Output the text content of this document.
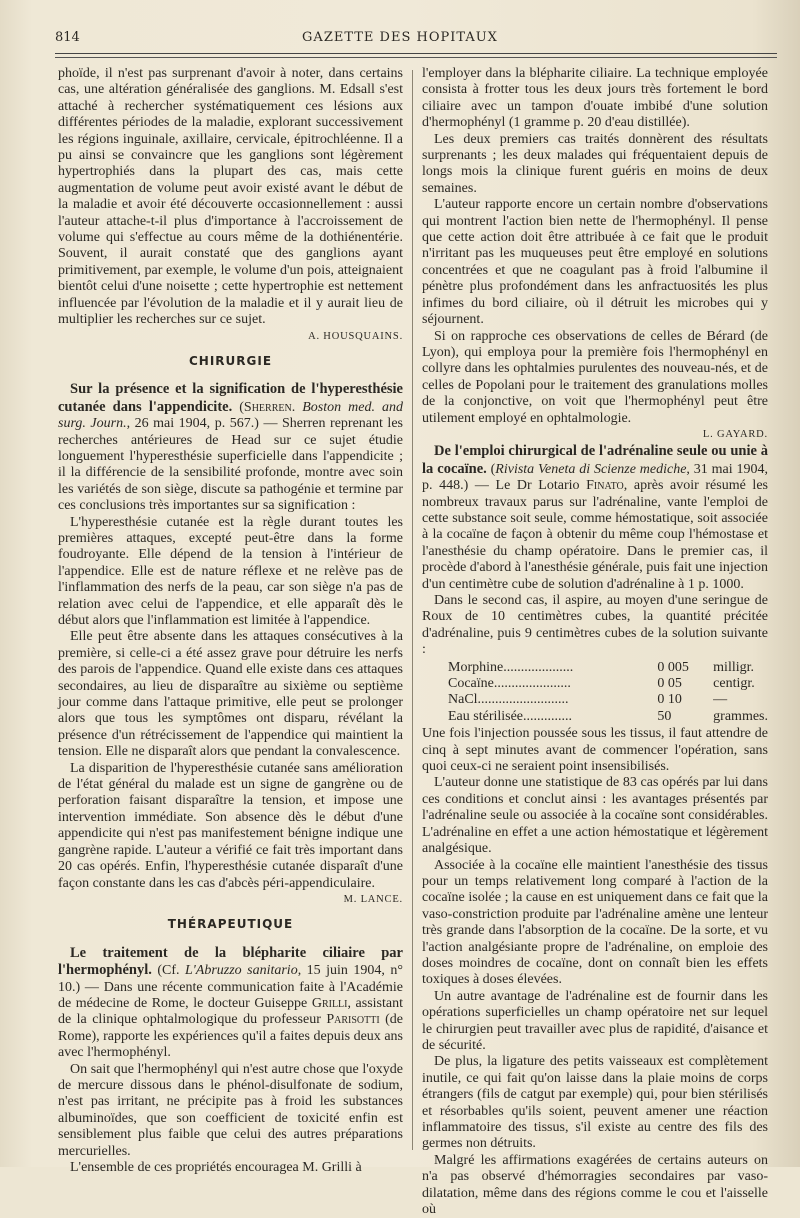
814	GAZETTE DES HOPITAUX

phoïde, il n'est pas surprenant d'avoir à noter, dans certains cas, une altération généralisée des ganglions. M. Edsall s'est attaché à rechercher systématiquement ces lésions aux différentes périodes de la maladie, explorant successivement les régions inguinale, axillaire, cervicale, épitrochléenne. Il a pu ainsi se convaincre que les ganglions sont légèrement hypertrophiés dans la plupart des cas, mais cette augmentation de volume peut avoir existé avant le début de la maladie et avoir été découverte occasionnellement : aussi l'auteur attache-t-il plus d'importance à l'accroissement de volume qui s'effectue au cours même de la dothiénentérie. Souvent, il aurait constaté que des ganglions ayant primitivement, par exemple, le volume d'un pois, atteignaient bientôt celui d'une noisette ; cette hypertrophie est nettement influencée par l'évolution de la maladie et il y aurait lieu de multiplier les recherches sur ce sujet.

A. HOUSQUAINS.

CHIRURGIE

Sur la présence et la signification de l'hyperesthésie cutanée dans l'appendicite. (Sherren. Boston med. and surg. Journ., 26 mai 1904, p. 567.) — Sherren reprenant les recherches antérieures de Head sur ce sujet étudie longuement l'hyperesthésie superficielle dans l'appendicite ; il la différencie de la sensibilité profonde, montre avec soin les variétés de son siège, discute sa pathogénie et termine par ces conclusions très importantes sur sa signification :

L'hyperesthésie cutanée est la règle durant toutes les premières attaques, excepté peut-être dans la forme foudroyante. Elle dépend de la tension à l'intérieur de l'appendice. Elle est de nature réflexe et ne relève pas de l'inflammation des nerfs de la peau, car son siège n'a pas de relation avec celui de l'appendice, et elle apparaît dès le début alors que l'inflammation est limitée à l'appendice.

Elle peut être absente dans les attaques consécutives à la première, si celle-ci a été assez grave pour détruire les nerfs des parois de l'appendice. Quand elle existe dans ces attaques secondaires, au lieu de disparaître au sixième ou septième jour comme dans l'attaque primitive, elle peut se prolonger alors que tous les symptômes ont disparu, révélant la présence d'un rétrécissement de l'appendice qui maintient la tension. Elle ne disparaît alors que pendant la convalescence.

La disparition de l'hyperesthésie cutanée sans amélioration de l'état général du malade est un signe de gangrène ou de perforation faisant disparaître la tension, et impose une intervention immédiate. Son absence dès le début d'une appendicite qui n'est pas manifestement bénigne indique une gangrène rapide. L'auteur a vérifié ce fait très important dans 20 cas opérés. Enfin, l'hyperesthésie cutanée disparaît d'une façon constante dans les cas d'abcès péri-appendiculaire.

M. LANCE.

THÉRAPEUTIQUE

Le traitement de la blépharite ciliaire par l'hermophényl. (Cf. L'Abruzzo sanitario, 15 juin 1904, n° 10.) — Dans une récente communication faite à l'Académie de médecine de Rome, le docteur Guiseppe Grilli, assistant de la clinique ophtalmologique du professeur Parisotti (de Rome), rapporte les expériences qu'il a faites depuis deux ans avec l'hermophényl.

On sait que l'hermophényl qui n'est autre chose que l'oxyde de mercure dissous dans le phénol-disulfonate de sodium, n'est pas irritant, ne précipite pas à froid les substances albuminoïdes, que son coefficient de toxicité enfin est sensiblement plus faible que celui des autres préparations mercurielles.

L'ensemble de ces propriétés encouragea M. Grilli à

l'employer dans la blépharite ciliaire. La technique employée consista à frotter tous les deux jours très fortement le bord ciliaire avec un tampon d'ouate imbibé d'une solution d'hermophényl (1 gramme p. 20 d'eau distillée).

Les deux premiers cas traités donnèrent des résultats surprenants ; les deux malades qui fréquentaient depuis de longs mois la clinique furent guéris en moins de deux semaines.

L'auteur rapporte encore un certain nombre d'observations qui montrent l'action bien nette de l'hermophényl. Il pense que cette action doit être attribuée à ce fait que le produit n'irritant pas les muqueuses peut être employé en solutions concentrées et que ne coagulant pas à froid l'albumine il pénètre plus profondément dans les anfractuosités les plus infimes du bord ciliaire, où il détruit les microbes qui y séjournent.

Si on rapproche ces observations de celles de Bérard (de Lyon), qui employa pour la première fois l'hermophényl en collyre dans les ophtalmies purulentes des nouveau-nés, et de celles de Popolani pour le traitement des granulations molles de la conjonctive, on voit que l'hermophényl peut être utilement employé en ophtalmologie.

L. GAYARD.

De l'emploi chirurgical de l'adrénaline seule ou unie à la cocaïne. (Rivista Veneta di Scienze mediche, 31 mai 1904, p. 448.) — Le Dr Lotario Finato, après avoir résumé les nombreux travaux parus sur l'adrénaline, vante l'emploi de cette substance soit seule, comme hémostatique, soit associée à la cocaïne de façon à obtenir du même coup l'hémostase et l'anesthésie du champ opératoire. Dans le premier cas, il procède d'abord à l'anesthésie générale, puis fait une injection d'un centimètre cube de solution d'adrénaline à 1 p. 1000.

Dans le second cas, il aspire, au moyen d'une seringue de Roux de 10 centimètres cubes, la quantité précitée d'adrénaline, puis 9 centimètres cubes de la solution suivante :

Morphine....................	0 005	milligr.
Cocaïne......................	0 05	centigr.
NaCl..........................	0 10	—
Eau stérilisée..............	50	grammes.

Une fois l'injection poussée sous les tissus, il faut attendre de cinq à sept minutes avant de commencer l'opération, sans quoi ceux-ci ne seraient point insensibilisés.

L'auteur donne une statistique de 83 cas opérés par lui dans ces conditions et conclut ainsi : les avantages présentés par l'adrénaline seule ou associée à la cocaïne sont considérables. L'adrénaline en effet a une action hémostatique et légèrement analgésique.

Associée à la cocaïne elle maintient l'anesthésie des tissus pour un temps relativement long comparé à l'action de la cocaïne isolée ; la cause en est uniquement dans ce fait que la vaso-constriction produite par l'adrénaline amène une lenteur très grande dans l'absorption de la cocaïne. De la sorte, et vu l'action analgésiante propre de l'adrénaline, on emploie des doses moindres de cocaïne, dont on connaît bien les effets toxiques à doses élevées.

Un autre avantage de l'adrénaline est de fournir dans les opérations superficielles un champ opératoire net sur lequel le chirurgien peut travailler avec plus de rapidité, d'aisance et de sécurité.

De plus, la ligature des petits vaisseaux est complètement inutile, ce qui fait qu'on laisse dans la plaie moins de corps étrangers (fils de catgut par exemple) qui, pour bien stérilisés et résorbables qu'ils soient, peuvent amener une réaction inflammatoire des tissus, s'il existe au centre des fils des germes non détruits.

Malgré les affirmations exagérées de certains auteurs on n'a pas observé d'hémorragies secondaires par vaso-dilatation, même dans des régions comme le cou et l'aisselle où
